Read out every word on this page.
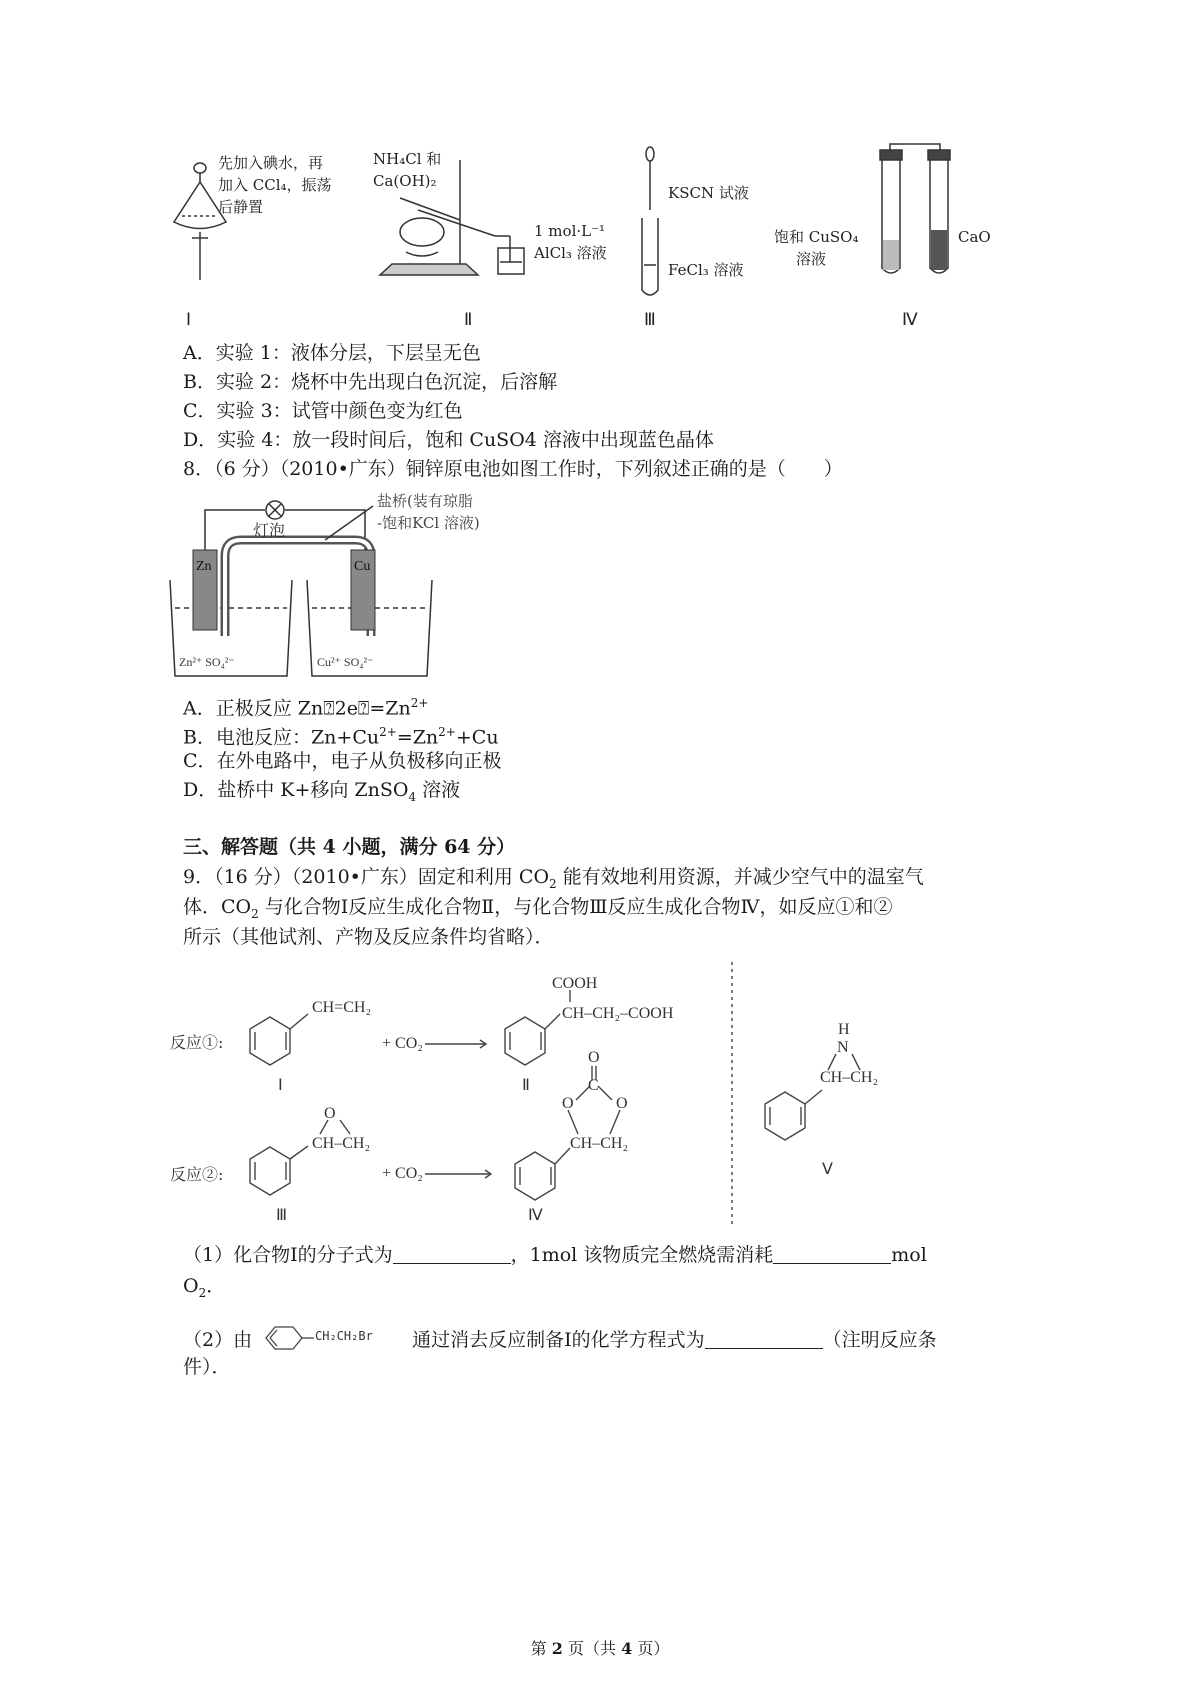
先加入碘水，再
加入 CCl₄，振荡
后静置
Ⅰ
NH₄Cl 和
Ca(OH)₂
1 mol·L⁻¹
AlCl₃ 溶液
Ⅱ
KSCN 试液
FeCl₃ 溶液
Ⅲ
饱和 CuSO₄
溶液
CaO
Ⅳ
A．实验 1：液体分层，下层呈无色
B．实验 2：烧杯中先出现白色沉淀，后溶解
C．实验 3：试管中颜色变为红色
D．实验 4：放一段时间后，饱和 CuSO4 溶液中出现蓝色晶体
8．（6 分）（2010•广东）铜锌原电池如图工作时，下列叙述正确的是（　　）
Zn	Cu
灯泡
盐桥(装有琼脂
-饱和KCl 溶液)
Zn²⁺ SO₄²⁻	Cu²⁺ SO₄²⁻
A．正极反应 $Zn⍰2e⍰=Zn^{2+}$
B．电池反应：$Zn+Cu^{2+}=Zn^{2+}+Cu$
C．在外电路中，电子从负极移向正极
D．盐桥中 K+移向 ZnSO$_4$ 溶液
三、解答题（共 4 小题，满分 64 分）
9．（16 分）（2010•广东）固定和利用 $CO_2$ 能有效地利用资源，并减少空气中的温室气
体．$CO_2$ 与化合物Ⅰ反应生成化合物Ⅱ，与化合物Ⅲ反应生成化合物Ⅳ，如反应①和②
所示（其他试剂、产物及反应条件均省略）．
反应①:
反应②:
CH=CH₂
+ CO₂
+ CO₂
COOH
CH–CH₂–COOH
O
CH–CH₂
O
C
O	O
CH–CH₂
H
N
CH–CH₂
Ⅰ	Ⅱ
Ⅲ	Ⅳ
Ⅴ
（1）化合物Ⅰ的分子式为	，1mol 该物质完全燃烧需消耗	mol
$O_2$．
（2）由	CH₂CH₂Br 通过消去反应制备Ⅰ的化学方程式为	（注明反应条
件）．
第 2 页（共 4 页）
